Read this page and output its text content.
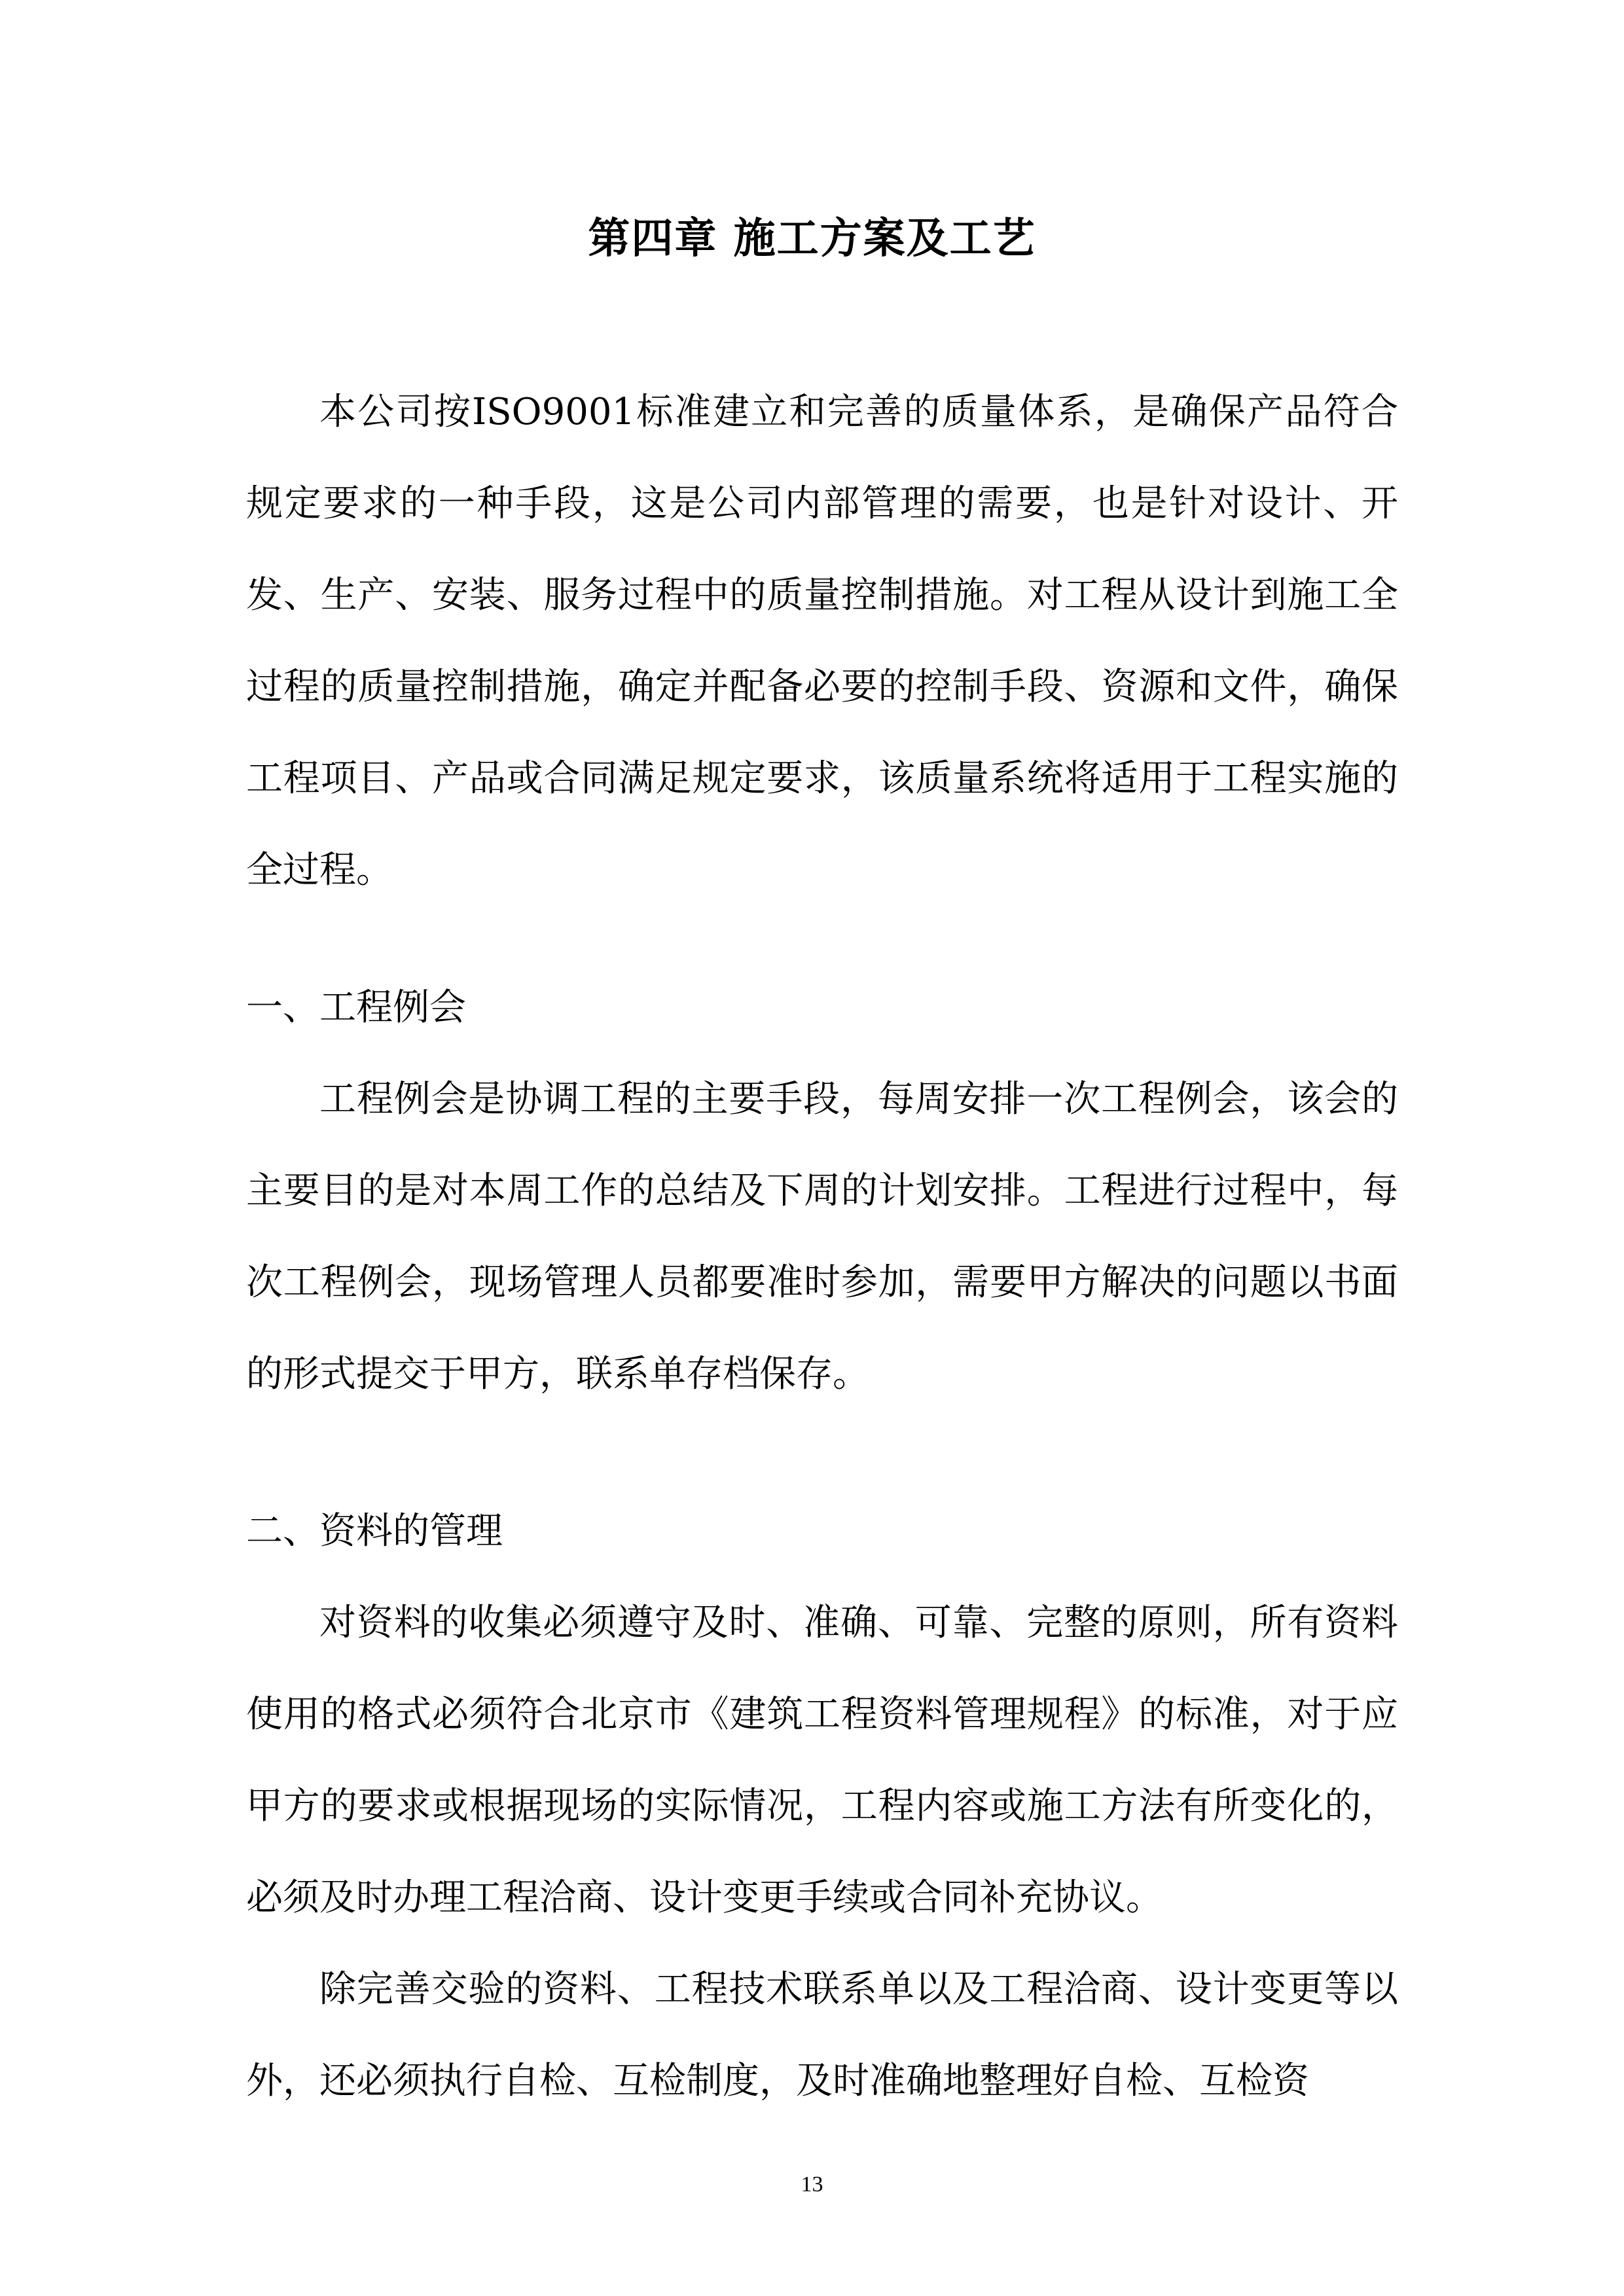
第四章 施工方案及工艺

本公司按ISO9001标准建立和完善的质量体系，是确保产品符合规定要求的一种手段，这是公司内部管理的需要，也是针对设计、开发、生产、安装、服务过程中的质量控制措施。对工程从设计到施工全过程的质量控制措施，确定并配备必要的控制手段、资源和文件，确保工程项目、产品或合同满足规定要求，该质量系统将适用于工程实施的全过程。

一、工程例会

工程例会是协调工程的主要手段，每周安排一次工程例会，该会的主要目的是对本周工作的总结及下周的计划安排。工程进行过程中，每次工程例会，现场管理人员都要准时参加，需要甲方解决的问题以书面的形式提交于甲方，联系单存档保存。

二、资料的管理

对资料的收集必须遵守及时、准确、可靠、完整的原则，所有资料使用的格式必须符合北京市《建筑工程资料管理规程》的标准，对于应甲方的要求或根据现场的实际情况，工程内容或施工方法有所变化的，必须及时办理工程洽商、设计变更手续或合同补充协议。

除完善交验的资料、工程技术联系单以及工程洽商、设计变更等以外，还必须执行自检、互检制度，及时准确地整理好自检、互检资

13
